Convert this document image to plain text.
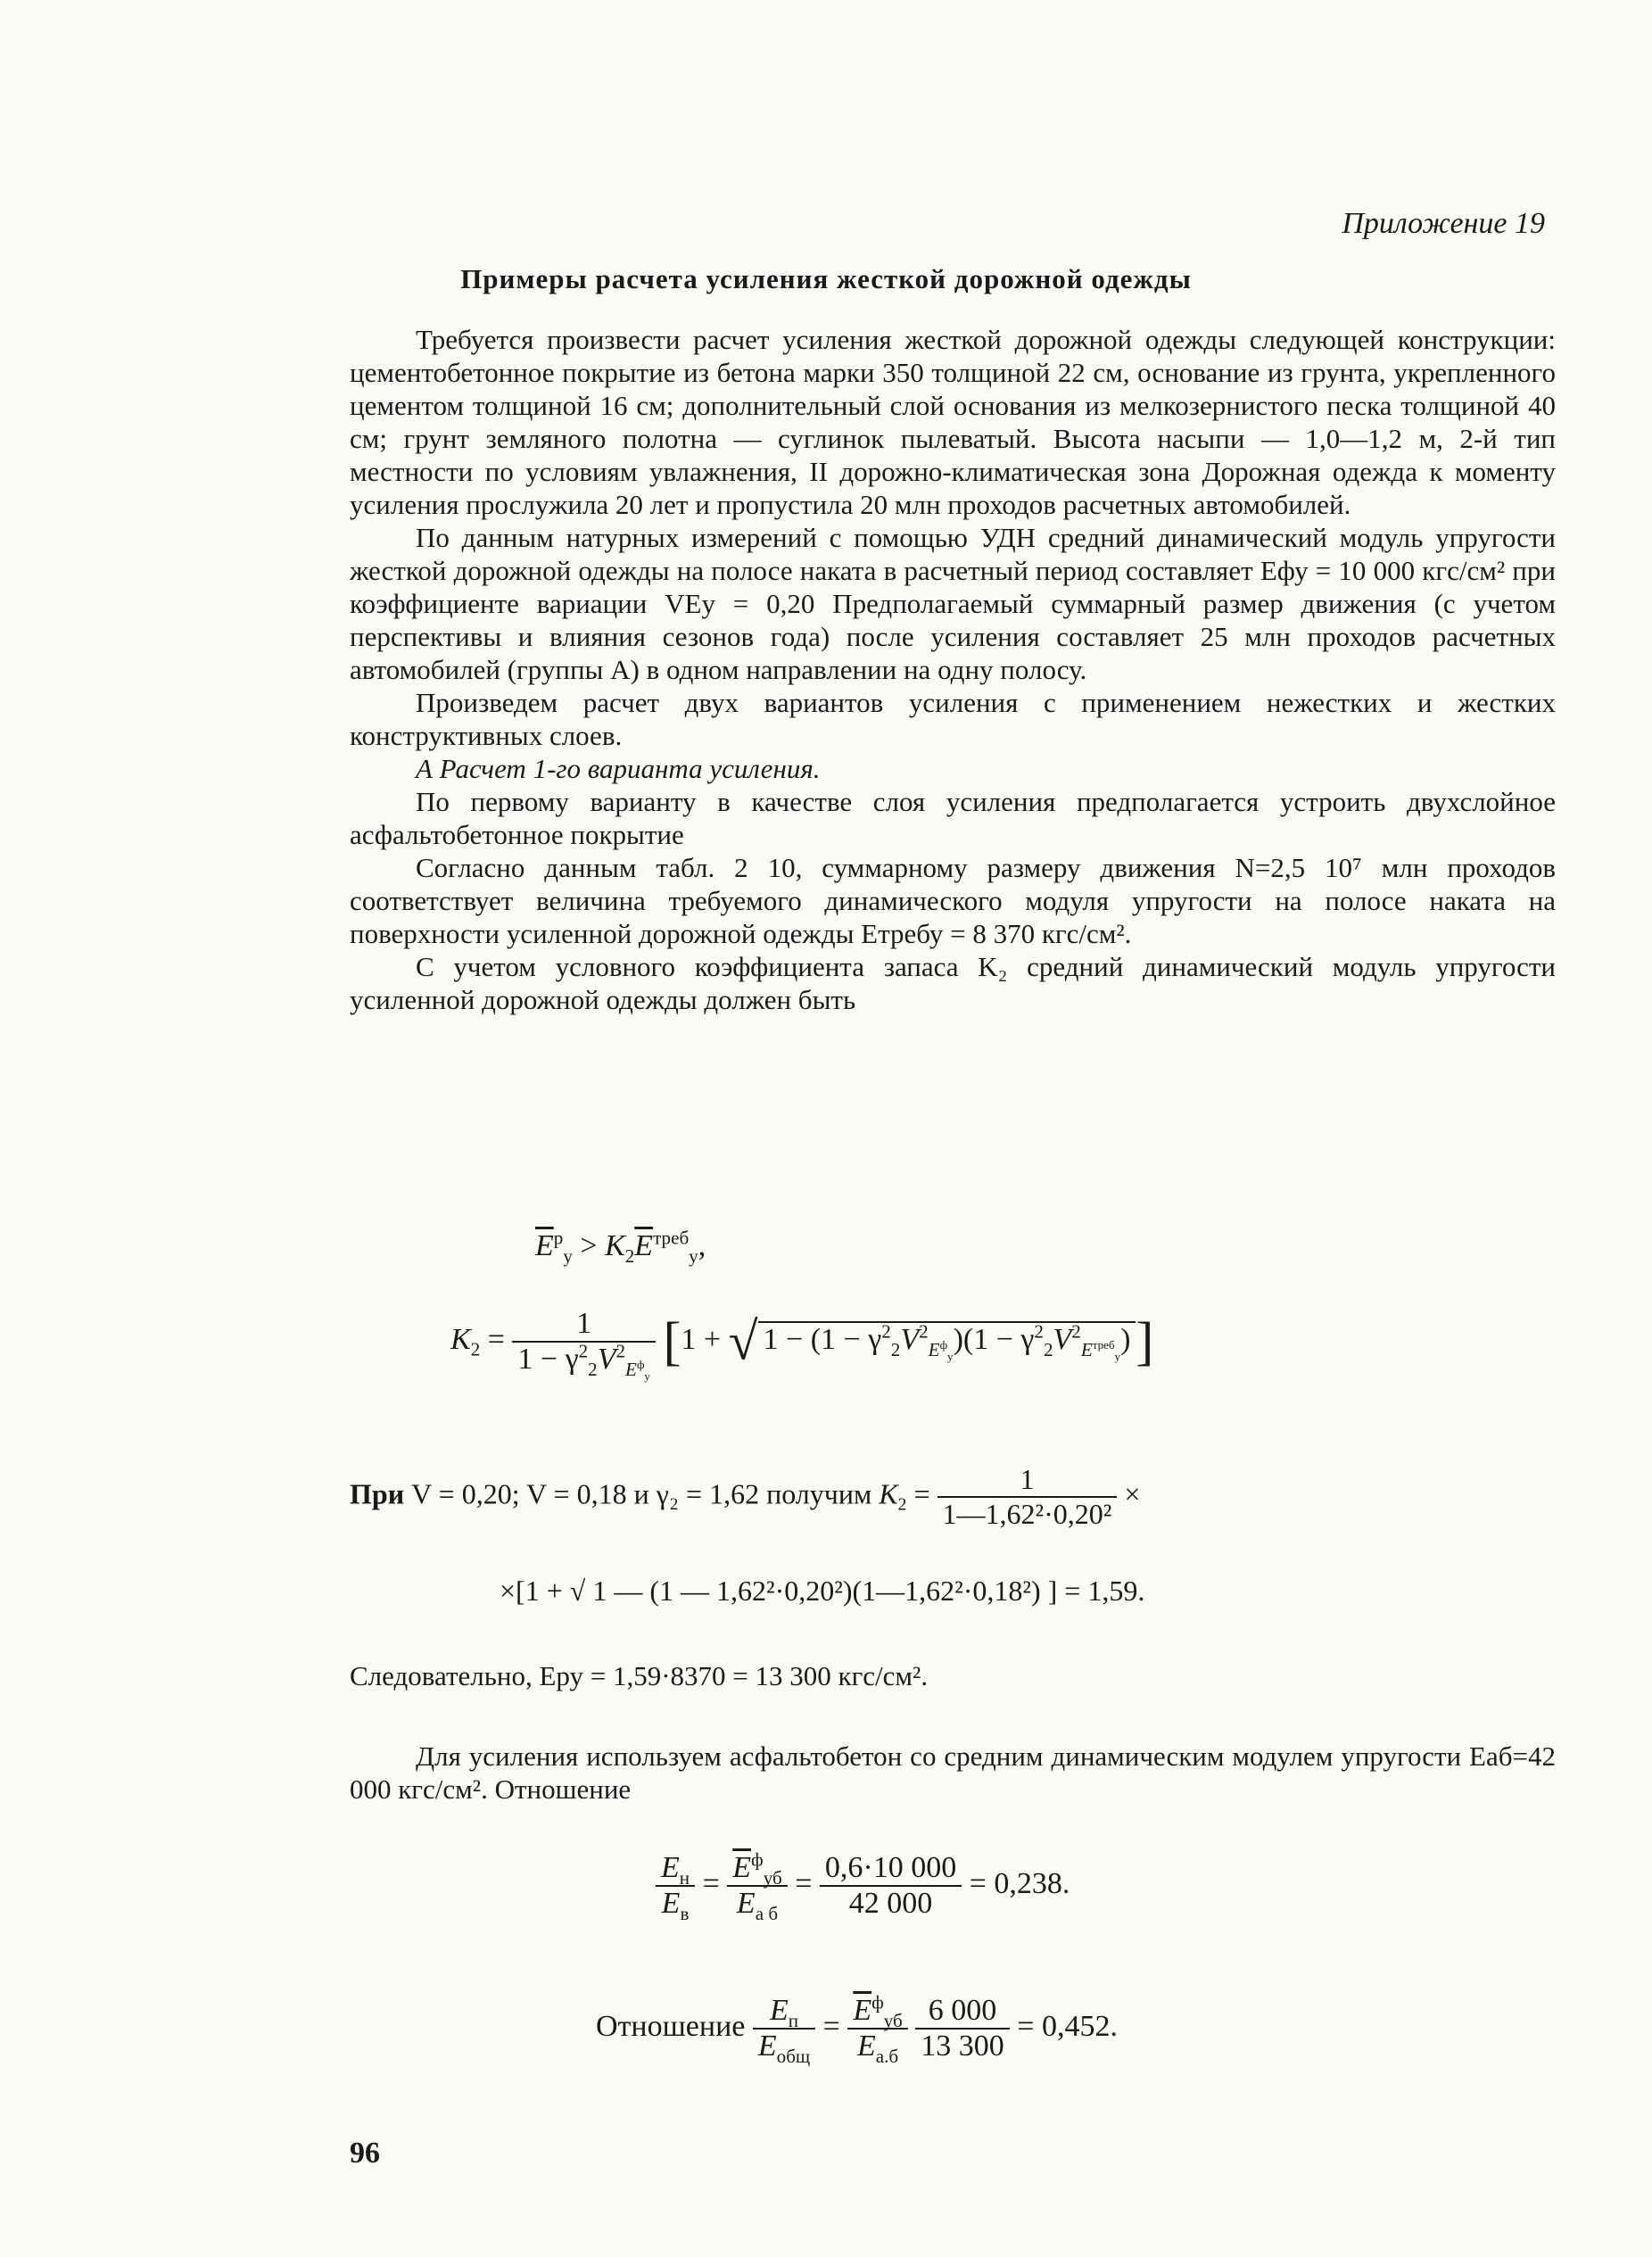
Приложение 19
Примеры расчета усиления жесткой дорожной одежды

Требуется произвести расчет усиления жесткой дорожной одежды следующей конструкции: цементобетонное покрытие из бетона марки 350 толщиной 22 см, основание из грунта, укрепленного цементом толщиной 16 см; дополнительный слой основания из мелкозернистого песка толщиной 40 см; грунт земляного полотна — суглинок пылеватый. Высота насыпи — 1,0—1,2 м, 2-й тип местности по условиям увлажнения, II дорожно-климатическая зона Дорожная одежда к моменту усиления прослужила 20 лет и пропустила 20 млн проходов расчетных автомобилей.

По данным натурных измерений с помощью УДН средний динамический модуль упругости жесткой дорожной одежды на полосе наката в расчетный период составляет Eфу = 10 000 кгс/см² при коэффициенте вариации VEу = 0,20 Предполагаемый суммарный размер движения (с учетом перспективы и влияния сезонов года) после усиления составляет 25 млн проходов расчетных автомобилей (группы А) в одном направлении на одну полосу.

Произведем расчет двух вариантов усиления с применением нежестких и жестких конструктивных слоев.

А Расчет 1-го варианта усиления.

По первому варианту в качестве слоя усиления предполагается устроить двухслойное асфальтобетонное покрытие

Согласно данным табл. 2 10, суммарному размеру движения N=2,5 10⁷ млн проходов соответствует величина требуемого динамического модуля упругости на полосе наката на поверхности усиленной дорожной одежды Eтребу = 8 370 кгс/см².

С учетом условного коэффициента запаса K₂ средний динамический модуль упругости усиленной дорожной одежды должен быть

$\overline{E}^р_у > K_2\overline{E}^{треб}_у$,
$K_2 = \frac{1}{1 - \gamma^2_2V^2_{E^ф_у}} [1$ + √ $1 - (1 - \gamma^2_2V^2_{E^ф_у})(1 - \gamma^2_2V^2_{E^{треб}_у})$ ]
При V = 0,20; V = 0,18 и γ₂ = 1,62 получим $K_2 = \frac{1}{\text{1—1,62²·0,20²}}$ ×
×[1 + √ 1 — (1 — 1,62²·0,20²)(1—1,62²·0,18²) ] = 1,59.

Следовательно, Eру = 1,59·8370 = 13 300 кгс/см².

Для усиления используем асфальтобетон со средним динамическим модулем упругости Eаб=42 000 кгс/см². Отношение

$\frac{E_н}{E_в} = \frac{\overline{E}^ф_{уб}}{E_{а б}} = \frac{0,6\cdot 10 000}{42 000} = 0,238$.
Отношение $\frac{E_п}{E_{общ}} = \frac{\overline{E}^ф_{уб}}{E_{а.б}}$
$\frac{6 000}{13 300} = 0,452$.
96
